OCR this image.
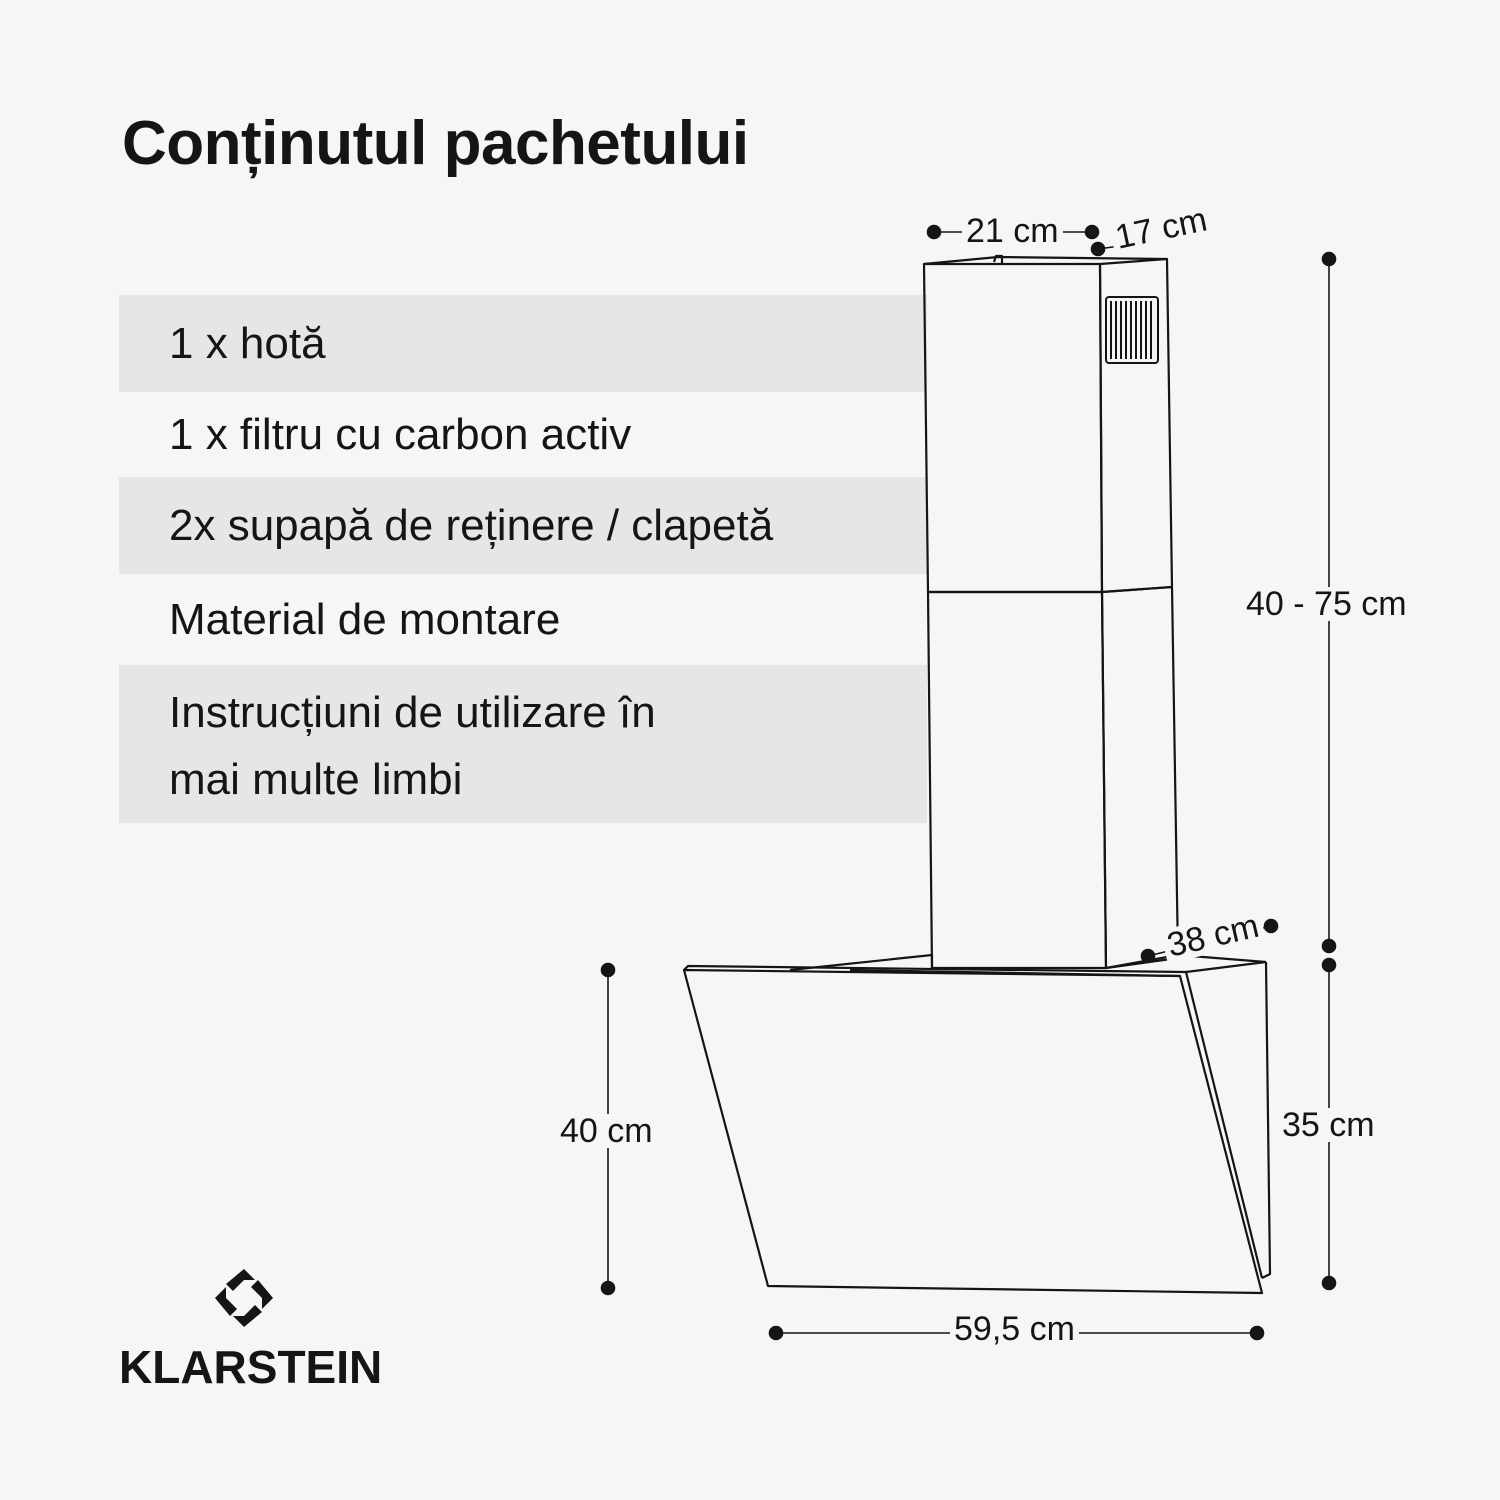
Conținutul pachetului
1 x hotă
1 x filtru cu carbon activ
2x supapă de reținere / clapetă
Material de montare
Instrucțiuni de utilizare în mai multe limbi
21 cm 17 cm
40 - 75 cm
38 cm
35 cm
40 cm
59,5 cm
KLARSTEIN
